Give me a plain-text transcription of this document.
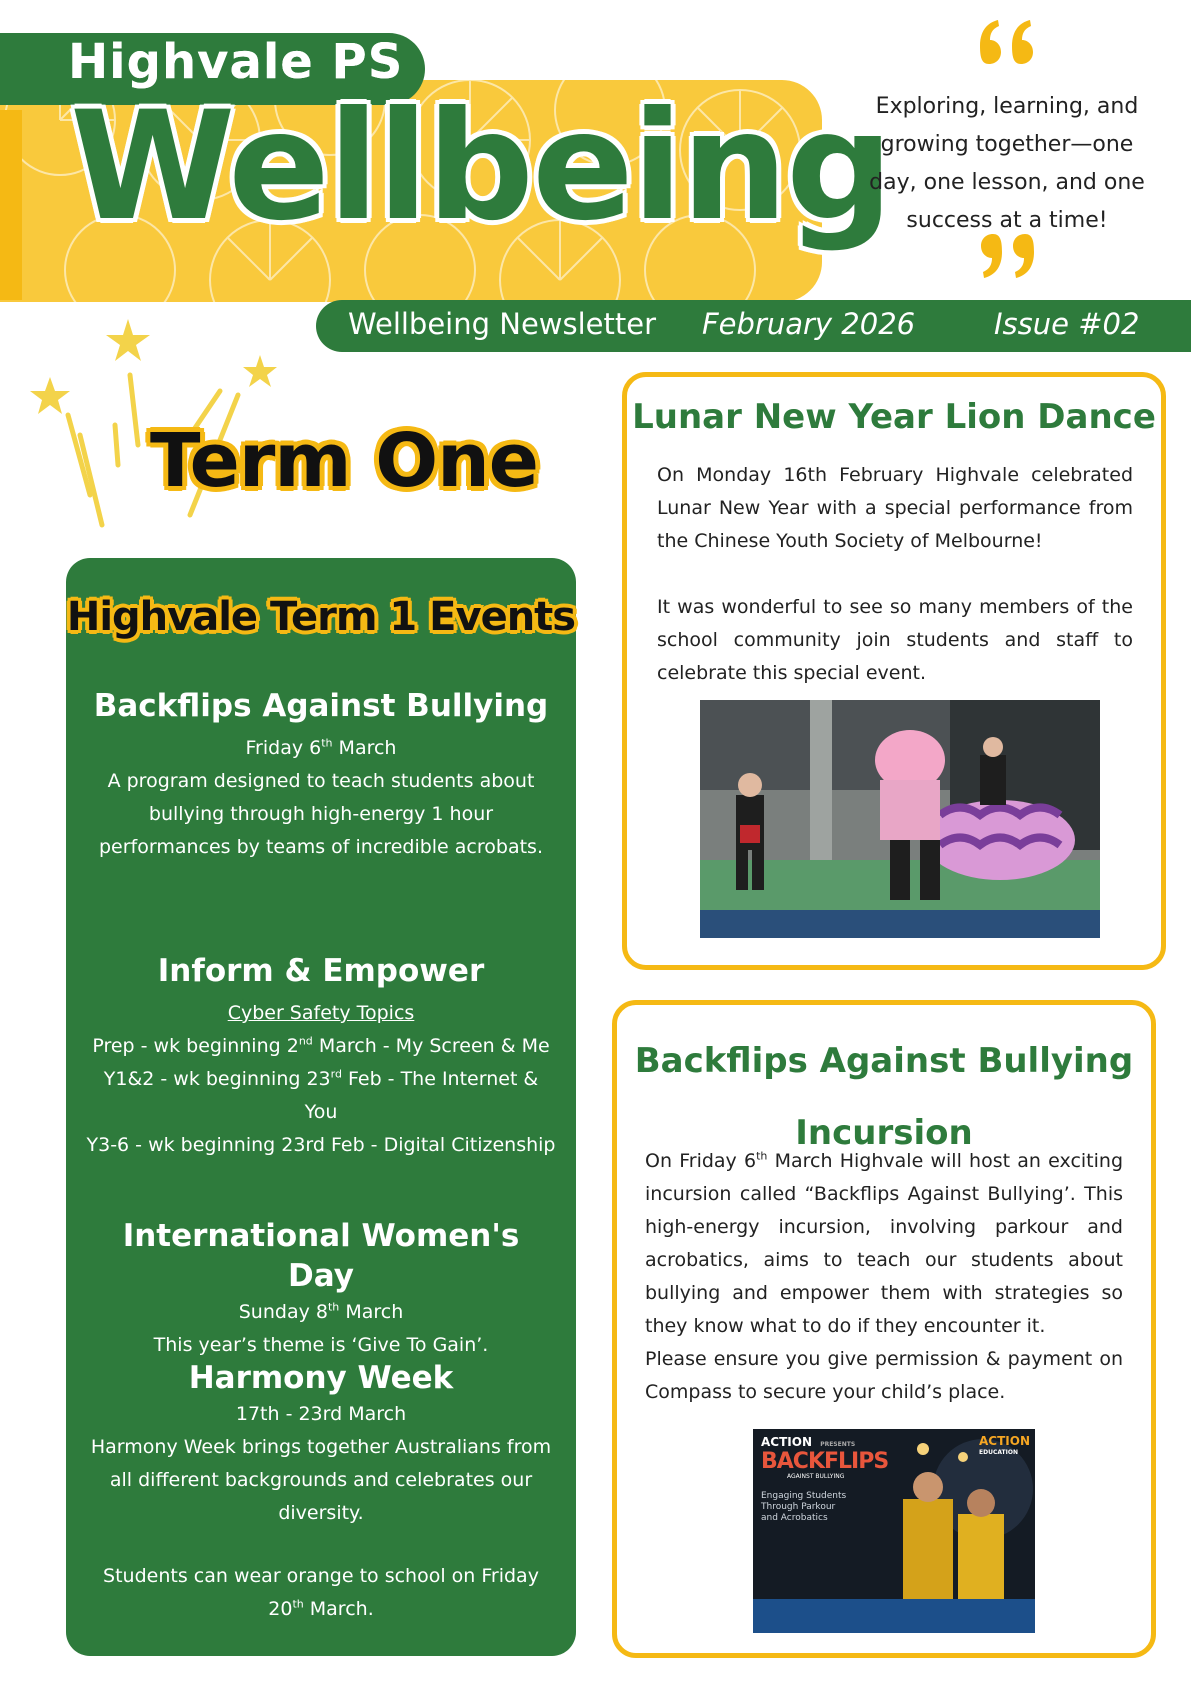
Highvale PS
Wellbeing
Exploring, learning, and growing together—one day, one lesson, and one success at a time!
Wellbeing Newsletter February 2026	Issue #02
Term One
Highvale Term 1 Events
Backflips Against Bullying

Friday 6th March

A program designed to teach students about bullying through high-energy 1 hour performances by teams of incredible acrobats.

Inform & Empower

Cyber Safety Topics

Prep - wk beginning 2nd March - My Screen & Me

Y1&2 - wk beginning 23rd Feb - The Internet & You

Y3-6 - wk beginning 23rd Feb - Digital Citizenship

International Women's Day

Sunday 8th March

This year’s theme is ‘Give To Gain’.

Harmony Week

17th - 23rd March

Harmony Week brings together Australians from all different backgrounds and celebrates our diversity.

Students can wear orange to school on Friday 20th March.

Lunar New Year Lion Dance

On Monday 16th February Highvale celebrated Lunar New Year with a special performance from the Chinese Youth Society of Melbourne!

It was wonderful to see so many members of the school community join students and staff to celebrate this special event.

Backflips Against Bullying Incursion

On Friday 6th March Highvale will host an exciting incursion called “Backflips Against Bullying’. This high-energy incursion, involving parkour and acrobatics, aims to teach our students about bullying and empower them with strategies so they know what to do if they encounter it.

Please ensure you give permission & payment on Compass to secure your child’s place.

ACTION PRESENTS	ACTION
EDUCATION
BACKFLIPS
AGAINST BULLYING
Engaging Students Through Parkour and Acrobatics
